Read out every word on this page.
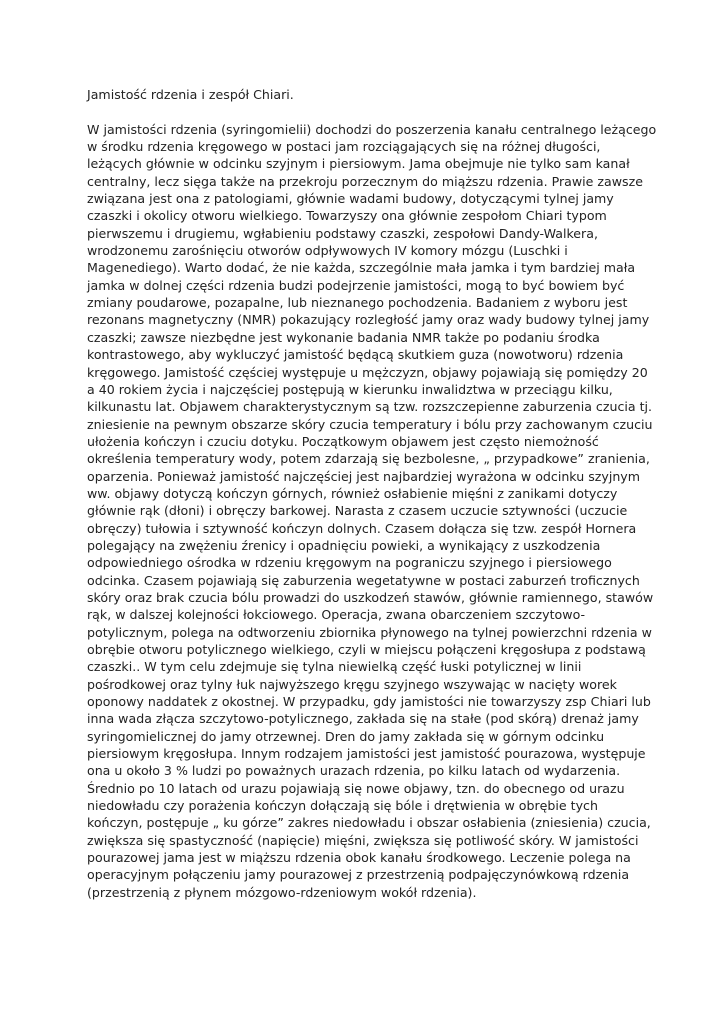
Jamistość rdzenia i zespół Chiari.
W jamistości rdzenia (syringomielii) dochodzi do poszerzenia kanału centralnego leżącego
w środku rdzenia kręgowego w postaci jam rozciągających się na różnej długości,
leżących głównie w odcinku szyjnym i piersiowym. Jama obejmuje nie tylko sam kanał
centralny, lecz sięga także na przekroju porzecznym do miąższu rdzenia. Prawie zawsze
związana jest ona z patologiami, głównie wadami budowy, dotyczącymi tylnej jamy
czaszki i okolicy otworu wielkiego. Towarzyszy ona głównie zespołom Chiari typom
pierwszemu i drugiemu, wgłabieniu podstawy czaszki, zespołowi Dandy-Walkera,
wrodzonemu zarośnięciu otworów odpływowych IV komory mózgu (Luschki i
Magenediego). Warto dodać, że nie każda, szczególnie mała jamka i tym bardziej mała
jamka w dolnej części rdzenia budzi podejrzenie jamistości, mogą to być bowiem być
zmiany poudarowe, pozapalne, lub nieznanego pochodzenia. Badaniem z wyboru jest
rezonans magnetyczny (NMR) pokazujący rozległość jamy oraz wady budowy tylnej jamy
czaszki; zawsze niezbędne jest wykonanie badania NMR także po podaniu środka
kontrastowego, aby wykluczyć jamistość będącą skutkiem guza (nowotworu) rdzenia
kręgowego. Jamistość częściej występuje u mężczyzn, objawy pojawiają się pomiędzy 20
a 40 rokiem życia i najczęściej postępują w kierunku inwalidztwa w przeciągu kilku,
kilkunastu lat. Objawem charakterystycznym są tzw. rozszczepienne zaburzenia czucia tj.
zniesienie na pewnym obszarze skóry czucia temperatury i bólu przy zachowanym czuciu
ułożenia kończyn i czuciu dotyku. Początkowym objawem jest często niemożność
określenia temperatury wody, potem zdarzają się bezbolesne, „ przypadkowe” zranienia,
oparzenia. Ponieważ jamistość najczęściej jest najbardziej wyrażona w odcinku szyjnym
ww. objawy dotyczą kończyn górnych, również osłabienie mięśni z zanikami dotyczy
głównie rąk (dłoni) i obręczy barkowej. Narasta z czasem uczucie sztywności (uczucie
obręczy) tułowia i sztywność kończyn dolnych. Czasem dołącza się tzw. zespół Hornera
polegający na zwężeniu źrenicy i opadnięciu powieki, a wynikający z uszkodzenia
odpowiedniego ośrodka w rdzeniu kręgowym na pograniczu szyjnego i piersiowego
odcinka. Czasem pojawiają się zaburzenia wegetatywne w postaci zaburzeń troficznych
skóry oraz brak czucia bólu prowadzi do uszkodzeń stawów, głównie ramiennego, stawów
rąk, w dalszej kolejności łokciowego. Operacja, zwana obarczeniem szczytowo-
potylicznym, polega na odtworzeniu zbiornika płynowego na tylnej powierzchni rdzenia w
obrębie otworu potylicznego wielkiego, czyli w miejscu połączeni kręgosłupa z podstawą
czaszki.. W tym celu zdejmuje się tylna niewielką część łuski potylicznej w linii
pośrodkowej oraz tylny łuk najwyższego kręgu szyjnego wszywając w nacięty worek
oponowy naddatek z okostnej. W przypadku, gdy jamistości nie towarzyszy zsp Chiari lub
inna wada złącza szczytowo-potylicznego, zakłada się na stałe (pod skórą) drenaż jamy
syringomielicznej do jamy otrzewnej. Dren do jamy zakłada się w górnym odcinku
piersiowym kręgosłupa. Innym rodzajem jamistości jest jamistość pourazowa, występuje
ona u około 3 % ludzi po poważnych urazach rdzenia, po kilku latach od wydarzenia.
Średnio po 10 latach od urazu pojawiają się nowe objawy, tzn. do obecnego od urazu
niedowładu czy porażenia kończyn dołączają się bóle i drętwienia w obrębie tych
kończyn, postępuje „ ku górze” zakres niedowładu i obszar osłabienia (zniesienia) czucia,
zwiększa się spastyczność (napięcie) mięśni, zwiększa się potliwość skóry. W jamistości
pourazowej jama jest w miąższu rdzenia obok kanału środkowego. Leczenie polega na
operacyjnym połączeniu jamy pourazowej z przestrzenią podpajęczynówkową rdzenia
(przestrzenią z płynem mózgowo-rdzeniowym wokół rdzenia).
